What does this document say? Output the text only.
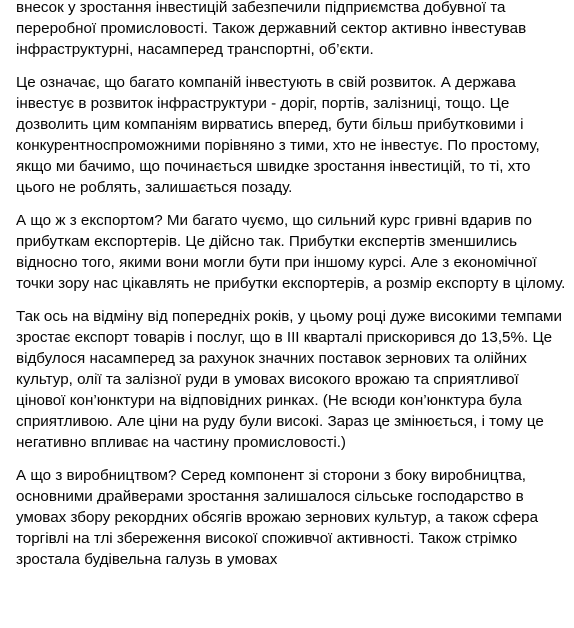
внесок у зростання інвестицій забезпечили підприємства добувної та переробної промисловості. Також державний сектор активно інвестував інфраструктурні, насамперед транспортні, об’єкти.

Це означає, що багато компаній інвестують в свій розвиток. А держава інвестує в розвиток інфраструктури - доріг, портів, залізниці, тощо. Це дозволить цим компаніям вирватись вперед, бути більш прибутковими і конкурентноспроможними порівняно з тими, хто не інвестує. По простому, якщо ми бачимо, що починається швидке зростання інвестицій, то ті, хто цього не роблять, залишається позаду.

А що ж з експортом? Ми багато чуємо, що сильний курс гривні вдарив по прибуткам експортерів. Це дійсно так. Прибутки експертів зменшились відносно того, якими вони могли бути при іншому курсі. Але з економічної точки зору нас цікавлять не прибутки експортерів, а розмір експорту в цілому.

Так ось на відміну від попередніх років, у цьому році дуже високими темпами зростає експорт товарів і послуг, що в ІІІ кварталі прискорився до 13,5%. Це відбулося насамперед за рахунок значних поставок зернових та олійних культур, олії та залізної руди в умовах високого врожаю та сприятливої цінової кон’юнктури на відповідних ринках. (Не всюди кон’юнктура була сприятливою. Але ціни на руду були високі. Зараз це змінюється, і тому це негативно впливає на частину промисловості.)

А що з виробництвом? Серед компонент зі сторони з боку виробництва, основними драйверами зростання залишалося сільське господарство в умовах збору рекордних обсягів врожаю зернових культур, а також сфера торгівлі на тлі збереження високої споживчої активності. Також стрімко зростала будівельна галузь в умовах
